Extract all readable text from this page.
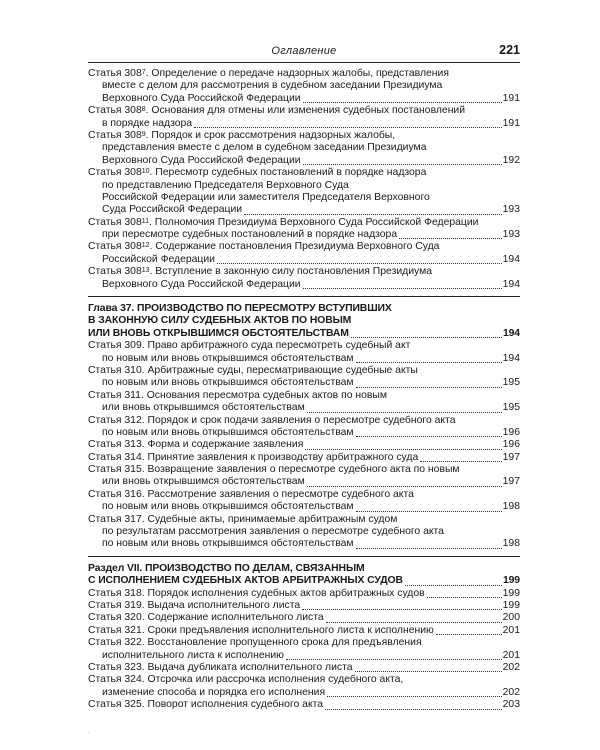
Оглавление	221
Статья $308^7$. Определение о передаче надзорных жалобы, представления
вместе с делом для рассмотрения в судебном заседании Президиума
Верховного Суда Российской Федерации	191
Статья $308^8$. Основания для отмены или изменения судебных постановлений
в порядке надзора	191
Статья $308^9$. Порядок и срок рассмотрения надзорных жалобы,
представления вместе с делом в судебном заседании Президиума
Верховного Суда Российской Федерации	192
Статья $308^{10}$. Пересмотр судебных постановлений в порядке надзора
по представлению Председателя Верховного Суда
Российской Федерации или заместителя Председателя Верховного
Суда Российской Федерации	193
Статья $308^{11}$. Полномочия Президиума Верховного Суда Российской Федерации
при пересмотре судебных постановлений в порядке надзора	193
Статья $308^{12}$. Содержание постановления Президиума Верховного Суда
Российской Федерации	194
Статья $308^{13}$. Вступление в законную силу постановления Президиума
Верховного Суда Российской Федерации	194
Глава 37. ПРОИЗВОДСТВО ПО ПЕРЕСМОТРУ ВСТУПИВШИХ
В ЗАКОННУЮ СИЛУ СУДЕБНЫХ АКТОВ ПО НОВЫМ
ИЛИ ВНОВЬ ОТКРЫВШИМСЯ ОБСТОЯТЕЛЬСТВАМ	194
Статья 309. Право арбитражного суда пересмотреть судебный акт
по новым или вновь открывшимся обстоятельствам	194
Статья 310. Арбитражные суды, пересматривающие судебные акты
по новым или вновь открывшимся обстоятельствам	195
Статья 311. Основания пересмотра судебных актов по новым
или вновь открывшимся обстоятельствам	195
Статья 312. Порядок и срок подачи заявления о пересмотре судебного акта
по новым или вновь открывшимся обстоятельствам	196
Статья 313. Форма и содержание заявления	196
Статья 314. Принятие заявления к производству арбитражного суда	197
Статья 315. Возвращение заявления о пересмотре судебного акта по новым
или вновь открывшимся обстоятельствам	197
Статья 316. Рассмотрение заявления о пересмотре судебного акта
по новым или вновь открывшимся обстоятельствам	198
Статья 317. Судебные акты, принимаемые арбитражным судом
по результатам рассмотрения заявления о пересмотре судебного акта
по новым или вновь открывшимся обстоятельствам	198
Раздел VII. ПРОИЗВОДСТВО ПО ДЕЛАМ, СВЯЗАННЫМ
С ИСПОЛНЕНИЕМ СУДЕБНЫХ АКТОВ АРБИТРАЖНЫХ СУДОВ	199
Статья 318. Порядок исполнения судебных актов арбитражных судов	199
Статья 319. Выдача исполнительного листа	199
Статья 320. Содержание исполнительного листа	200
Статья 321. Сроки предъявления исполнительного листа к исполнению	201
Статья 322. Восстановление пропущенного срока для предъявления
исполнительного листа к исполнению	201
Статья 323. Выдача дубликата исполнительного листа	202
Статья 324. Отсрочка или рассрочка исполнения судебного акта,
изменение способа и порядка его исполнения	202
Статья 325. Поворот исполнения судебного акта	203
.
